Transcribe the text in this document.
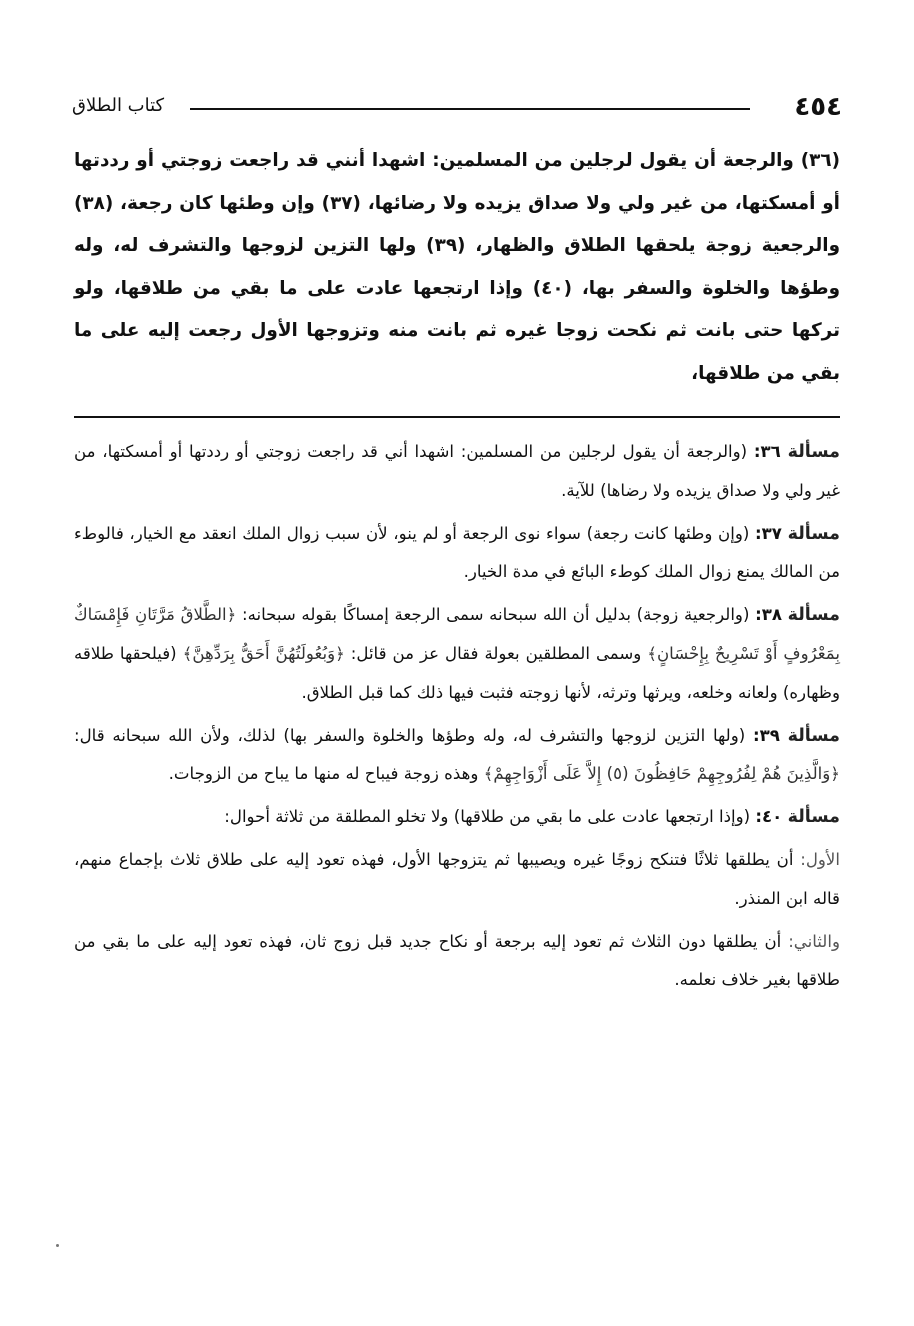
٤٥٤
كتاب الطلاق

(٣٦) والرجعة أن يقول لرجلين من المسلمين: اشهدا أنني قد راجعت زوجتي أو رددتها أو أمسكتها، من غير ولي ولا صداق يزيده ولا رضائها، (٣٧) وإن وطئها كان رجعة، (٣٨) والرجعية زوجة يلحقها الطلاق والظهار، (٣٩) ولها التزين لزوجها والتشرف له، وله وطؤها والخلوة والسفر بها، (٤٠) وإذا ارتجعها عادت على ما بقي من طلاقها، ولو تركها حتى بانت ثم نكحت زوجا غيره ثم بانت منه وتزوجها الأول رجعت إليه على ما بقي من طلاقها،

مسألة ٣٦: (والرجعة أن يقول لرجلين من المسلمين: اشهدا أني قد راجعت زوجتي أو رددتها أو أمسكتها، من غير ولي ولا صداق يزيده ولا رضاها) للآية.

مسألة ٣٧: (وإن وطئها كانت رجعة) سواء نوى الرجعة أو لم ينو، لأن سبب زوال الملك انعقد مع الخيار، فالوطء من المالك يمنع زوال الملك كوطء البائع في مدة الخيار.

مسألة ٣٨: (والرجعية زوجة) بدليل أن الله سبحانه سمى الرجعة إمساكًا بقوله سبحانه: ﴿الطَّلاقُ مَرَّتَانِ فَإِمْسَاكٌ بِمَعْرُوفٍ أَوْ تَسْرِيحٌ بِإِحْسَانٍ﴾ وسمى المطلقين بعولة فقال عز من قائل: ﴿وَبُعُولَتُهُنَّ أَحَقُّ بِرَدِّهِنَّ﴾ (فيلحقها طلاقه وظهاره) ولعانه وخلعه، ويرثها وترثه، لأنها زوجته فثبت فيها ذلك كما قبل الطلاق.

مسألة ٣٩: (ولها التزين لزوجها والتشرف له، وله وطؤها والخلوة والسفر بها) لذلك، ولأن الله سبحانه قال: ﴿وَالَّذِينَ هُمْ لِفُرُوجِهِمْ حَافِظُونَ (٥) إِلاَّ عَلَى أَزْوَاجِهِمْ﴾ وهذه زوجة فيباح له منها ما يباح من الزوجات.

مسألة ٤٠: (وإذا ارتجعها عادت على ما بقي من طلاقها) ولا تخلو المطلقة من ثلاثة أحوال:

الأول: أن يطلقها ثلاثًا فتنكح زوجًا غيره ويصيبها ثم يتزوجها الأول، فهذه تعود إليه على طلاق ثلاث بإجماع منهم، قاله ابن المنذر.

والثاني: أن يطلقها دون الثلاث ثم تعود إليه برجعة أو نكاح جديد قبل زوج ثان، فهذه تعود إليه على ما بقي من طلاقها بغير خلاف نعلمه.
